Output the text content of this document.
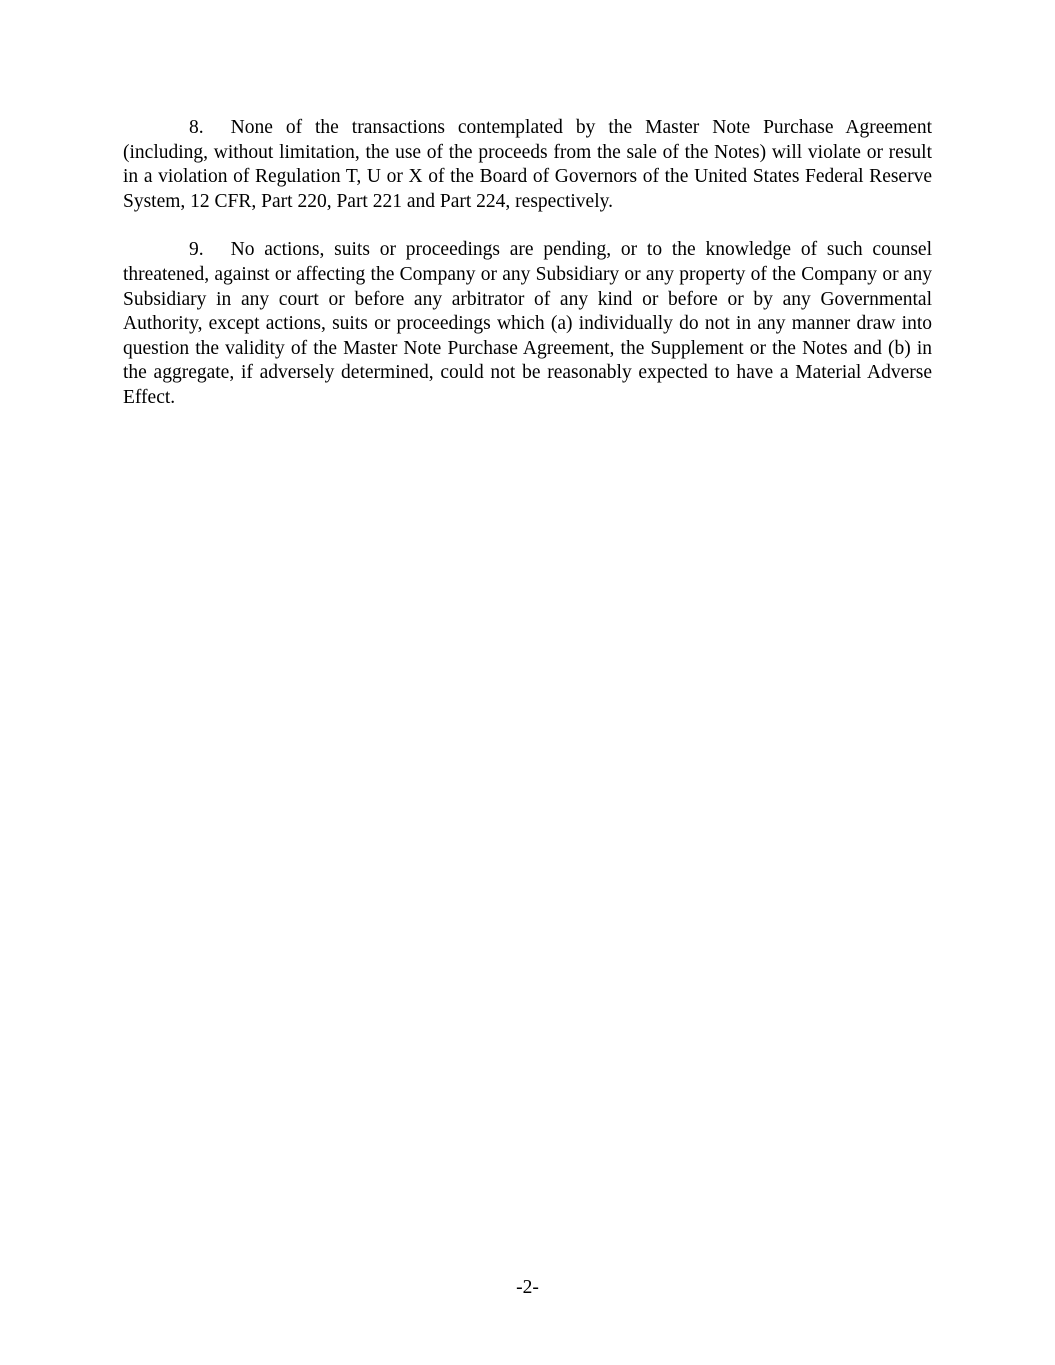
8. None of the transactions contemplated by the Master Note Purchase Agreement (including, without limitation, the use of the proceeds from the sale of the Notes) will violate or result in a violation of Regulation T, U or X of the Board of Governors of the United States Federal Reserve System, 12 CFR, Part 220, Part 221 and Part 224, respectively.

9. No actions, suits or proceedings are pending, or to the knowledge of such counsel threatened, against or affecting the Company or any Subsidiary or any property of the Company or any Subsidiary in any court or before any arbitrator of any kind or before or by any Governmental Authority, except actions, suits or proceedings which (a) individually do not in any manner draw into question the validity of the Master Note Purchase Agreement, the Supplement or the Notes and (b) in the aggregate, if adversely determined, could not be reasonably expected to have a Material Adverse Effect.

-2-
